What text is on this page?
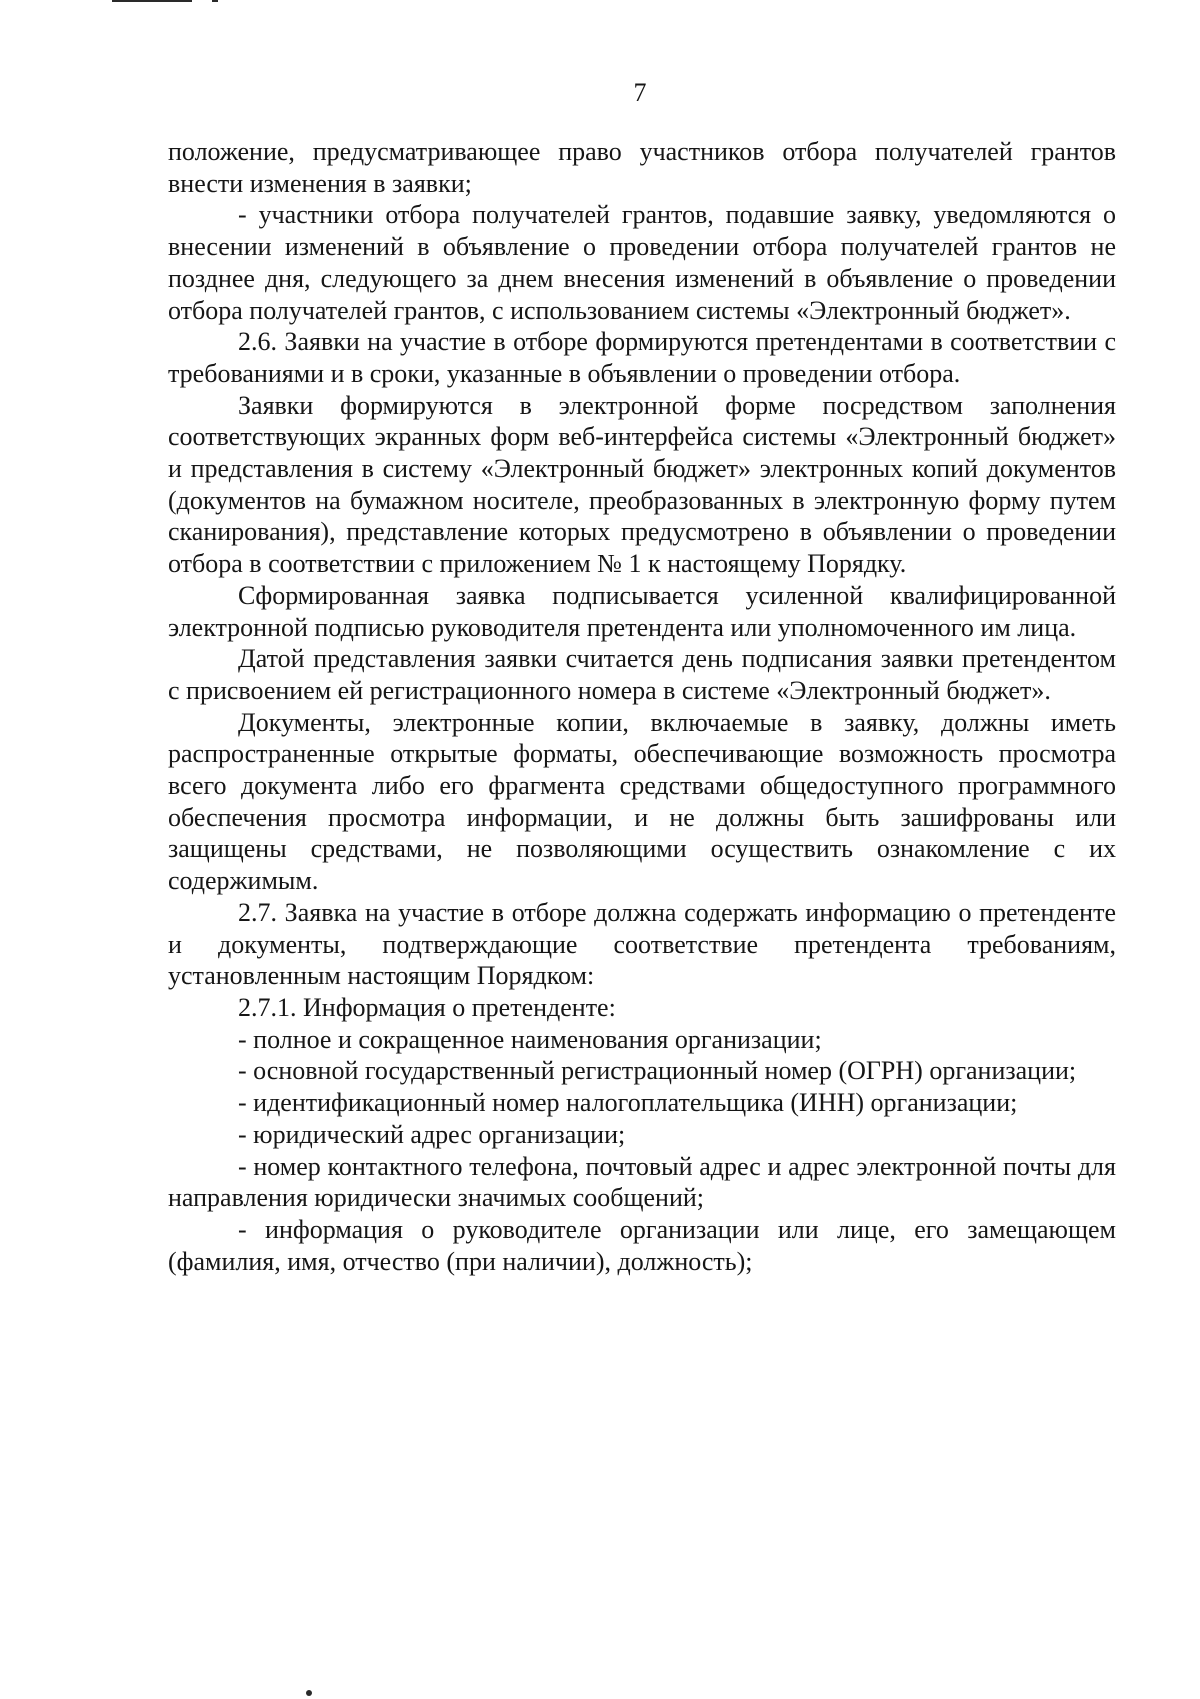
7

положение, предусматривающее право участников отбора получателей грантов внести изменения в заявки;

- участники отбора получателей грантов, подавшие заявку, уведомляются о внесении изменений в объявление о проведении отбора получателей грантов не позднее дня, следующего за днем внесения изменений в объявление о проведении отбора получателей грантов, с использованием системы «Электронный бюджет».

2.6. Заявки на участие в отборе формируются претендентами в соответствии с требованиями и в сроки, указанные в объявлении о проведении отбора.

Заявки формируются в электронной форме посредством заполнения соответствующих экранных форм веб-интерфейса системы «Электронный бюджет» и представления в систему «Электронный бюджет» электронных копий документов (документов на бумажном носителе, преобразованных в электронную форму путем сканирования), представление которых предусмотрено в объявлении о проведении отбора в соответствии с приложением № 1 к настоящему Порядку.

Сформированная заявка подписывается усиленной квалифицированной электронной подписью руководителя претендента или уполномоченного им лица.

Датой представления заявки считается день подписания заявки претендентом с присвоением ей регистрационного номера в системе «Электронный бюджет».

Документы, электронные копии, включаемые в заявку, должны иметь распространенные открытые форматы, обеспечивающие возможность просмотра всего документа либо его фрагмента средствами общедоступного программного обеспечения просмотра информации, и не должны быть зашифрованы или защищены средствами, не позволяющими осуществить ознакомление с их содержимым.

2.7. Заявка на участие в отборе должна содержать информацию о претенденте и документы, подтверждающие соответствие претендента требованиям, установленным настоящим Порядком:

2.7.1. Информация о претенденте:

- полное и сокращенное наименования организации;

- основной государственный регистрационный номер (ОГРН) организации;

- идентификационный номер налогоплательщика (ИНН) организации;

- юридический адрес организации;

- номер контактного телефона, почтовый адрес и адрес электронной почты для направления юридически значимых сообщений;

- информация о руководителе организации или лице, его замещающем (фамилия, имя, отчество (при наличии), должность);
